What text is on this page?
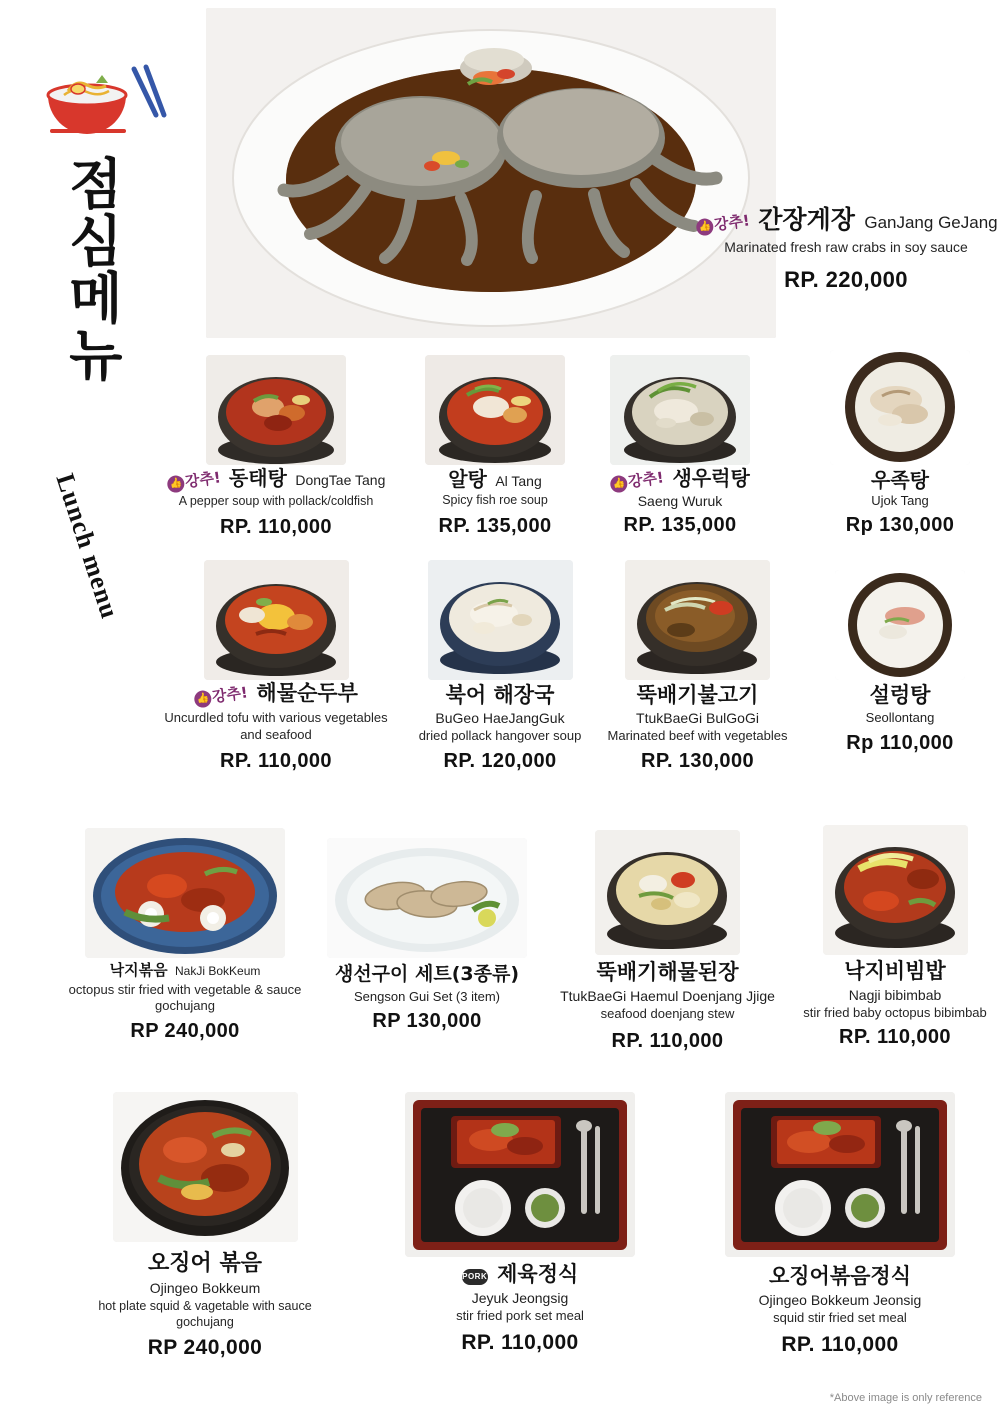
점심메뉴
Lunch menu
👍강추! 간장게장 GanJang GeJang
Marinated fresh raw crabs in soy sauce
RP. 220,000
👍강추! 동태탕 DongTae Tang
A pepper soup with pollack/coldfish
RP. 110,000
알탕 Al Tang
Spicy fish roe soup
RP. 135,000
👍강추! 생우럭탕
Saeng Wuruk
RP. 135,000
우족탕
Ujok Tang
Rp 130,000
👍강추! 해물순두부
Uncurdled tofu with various vegetables and seafood
RP. 110,000
북어 해장국
BuGeo HaeJangGuk
dried pollack hangover soup
RP. 120,000
뚝배기불고기
TtukBaeGi BulGoGi
Marinated beef with vegetables
RP. 130,000
설렁탕
Seollontang
Rp 110,000
낙지볶음 NakJi BokKeum
octopus stir fried with vegetable & sauce gochujang
RP 240,000
생선구이 세트(3종류)
Sengson Gui Set (3 item)
RP 130,000
뚝배기해물된장
TtukBaeGi Haemul Doenjang Jjige
seafood doenjang stew
RP. 110,000
낙지비빔밥
Nagji bibimbab
stir fried baby octopus bibimbab
RP. 110,000
오징어 볶음
Ojingeo Bokkeum
hot plate squid & vagetable with sauce gochujang
RP 240,000
PORK 제육정식
Jeyuk Jeongsig
stir fried pork set meal
RP. 110,000
오징어볶음정식
Ojingeo Bokkeum Jeonsig
squid stir fried set meal
RP. 110,000
*Above image is only reference
